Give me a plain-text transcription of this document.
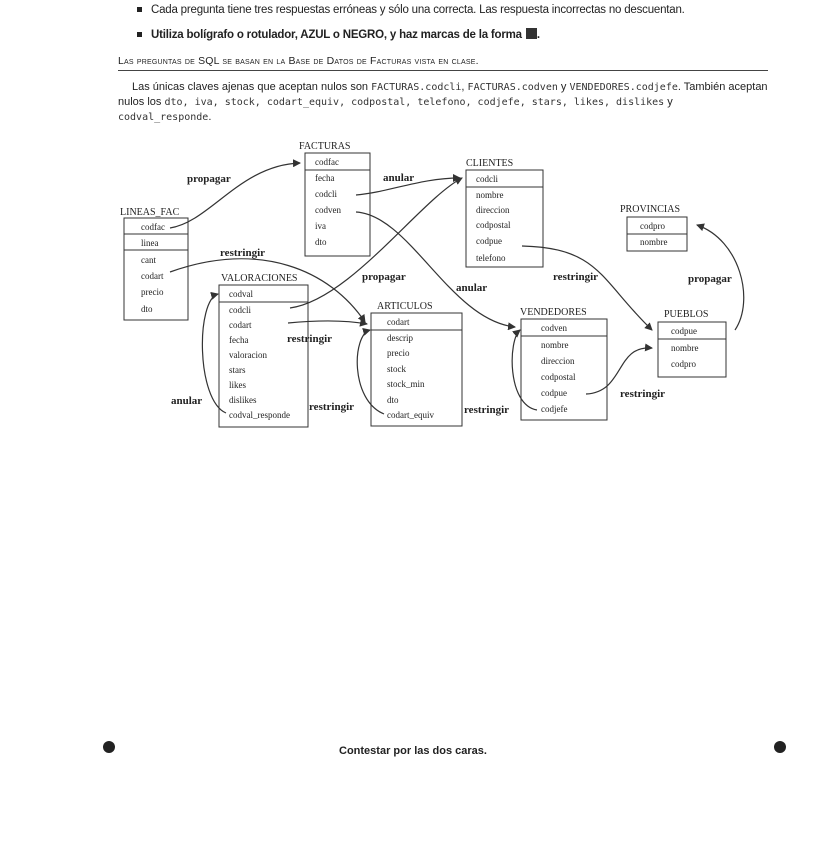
Cada pregunta tiene tres respuestas erróneas y sólo una correcta. Las respuesta incorrectas no descuentan.
Utiliza bolígrafo o rotulador, AZUL o NEGRO, y haz marcas de la forma .
Las preguntas de SQL se basan en la Base de Datos de Facturas vista en clase.
Las únicas claves ajenas que aceptan nulos son FACTURAS.codcli, FACTURAS.codven y VENDEDORES.codjefe. También aceptan nulos los dto, iva, stock, codart_equiv, codpostal, telefono, codjefe, stars, likes, dislikes y codval_responde.
LINEAS_FAC
codfac
linea
cant
codart
precio
dto
FACTURAS
codfac
fecha
codcli
codven
iva
dto
CLIENTES
codcli
nombre
direccion
codpostal
codpue
telefono
PROVINCIAS
codpro
nombre
VALORACIONES
codval
codcli
codart
fecha
valoracion
stars
likes
dislikes
codval_responde
ARTICULOS
codart
descrip
precio
stock
stock_min
dto
codart_equiv
VENDEDORES
codven
nombre
direccion
codpostal
codpue
codjefe
PUEBLOS
codpue
nombre
codpro
propagar	anular
restringir
propagar
anular
restringir	propagar
restringir
anular	restringir	restringir
restringir
Contestar por las dos caras.
